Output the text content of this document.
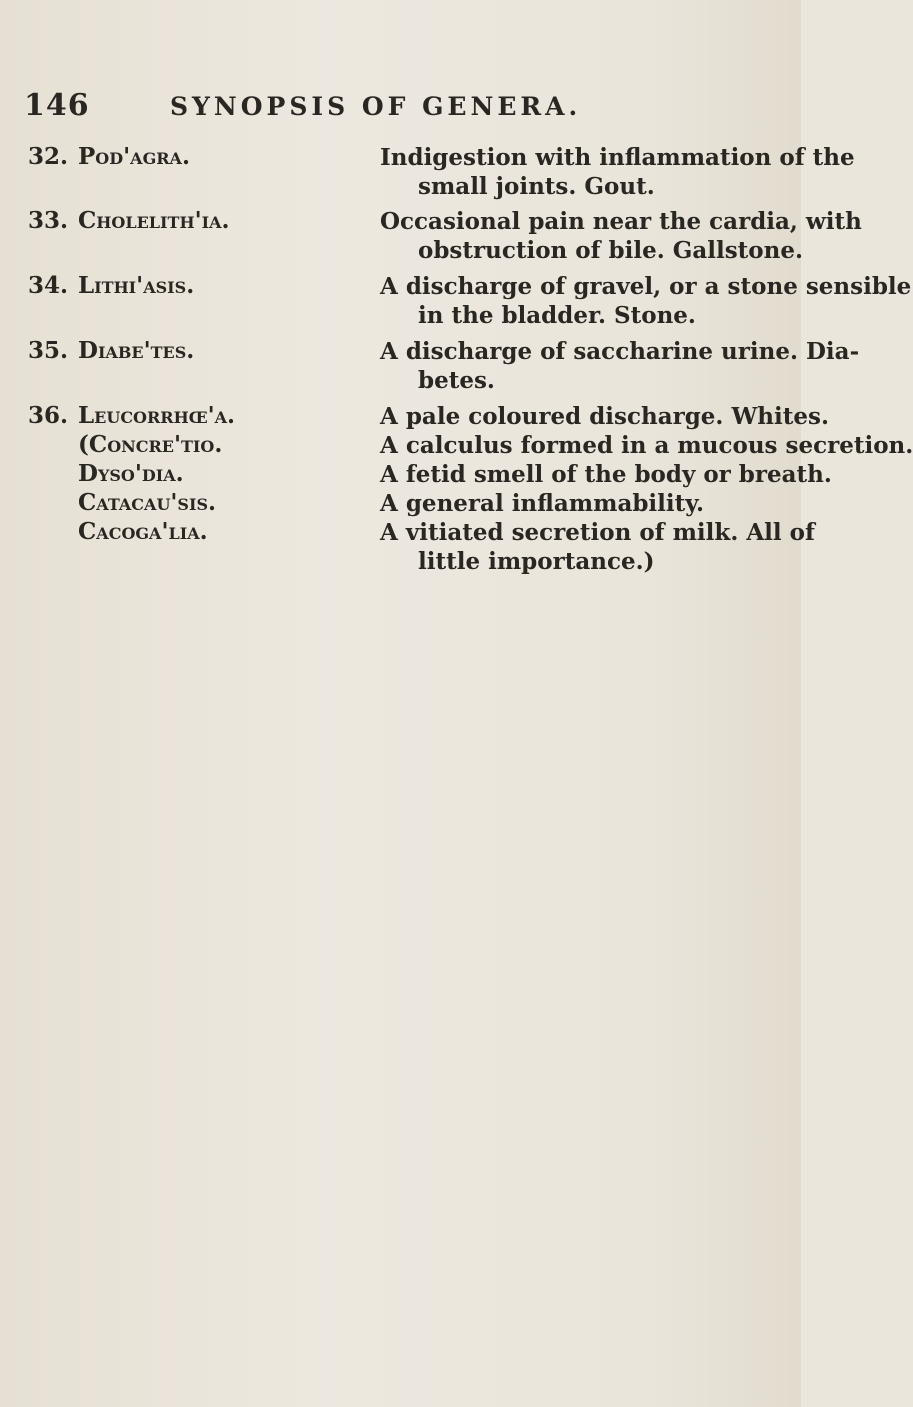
146	SYNOPSIS OF GENERA.
32. Pod'agra.	Indigestion with inflammation of the
small joints. Gout.
33. Cholelith'ia.	Occasional pain near the cardia, with
obstruction of bile. Gallstone.
34. Lithi'asis.	A discharge of gravel, or a stone sensible
in the bladder. Stone.
35. Diabe'tes.	A discharge of saccharine urine. Dia-
betes.
36. Leucorrhœ'a.	A pale coloured discharge. Whites.
(Concre'tio.	A calculus formed in a mucous secretion.
Dyso'dia.	A fetid smell of the body or breath.
Catacau'sis.	A general inflammability.
Cacoga'lia.	A vitiated secretion of milk. All of
little importance.)
